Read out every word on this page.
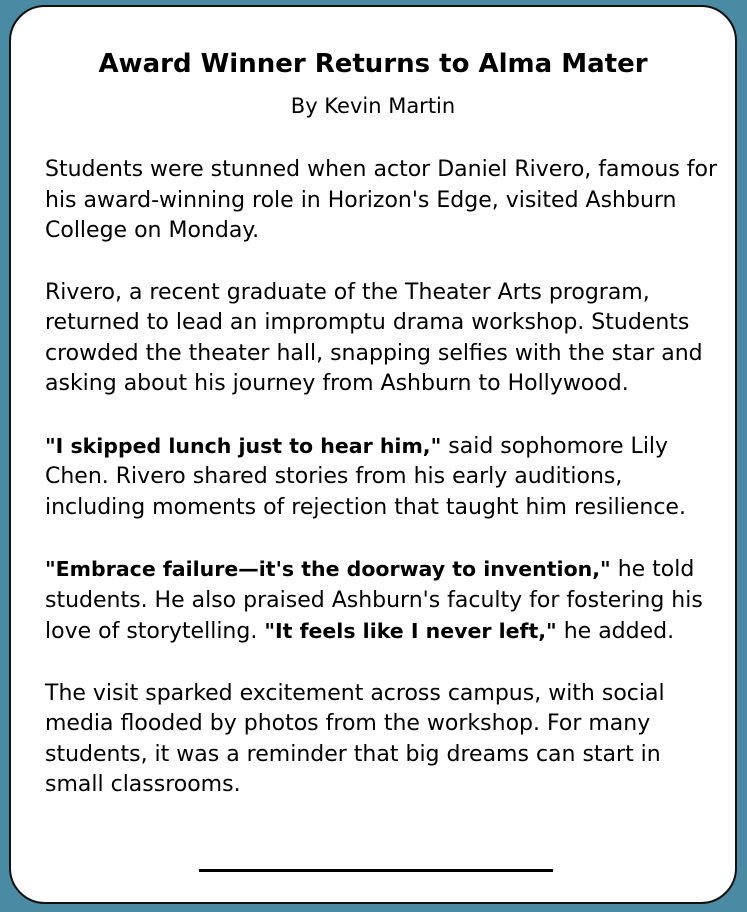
Award Winner Returns to Alma Mater

By Kevin Martin

Students were stunned when actor Daniel Rivero, famous for his award-winning role in Horizon's Edge, visited Ashburn College on Monday.

Rivero, a recent graduate of the Theater Arts program, returned to lead an impromptu drama workshop. Students crowded the theater hall, snapping selfies with the star and asking about his journey from Ashburn to Hollywood.

"I skipped lunch just to hear him," said sophomore Lily Chen. Rivero shared stories from his early auditions, including moments of rejection that taught him resilience.

"Embrace failure—it's the doorway to invention," he told students. He also praised Ashburn's faculty for fostering his love of storytelling. "It feels like I never left," he added.

The visit sparked excitement across campus, with social media flooded by photos from the workshop. For many students, it was a reminder that big dreams can start in small classrooms.
